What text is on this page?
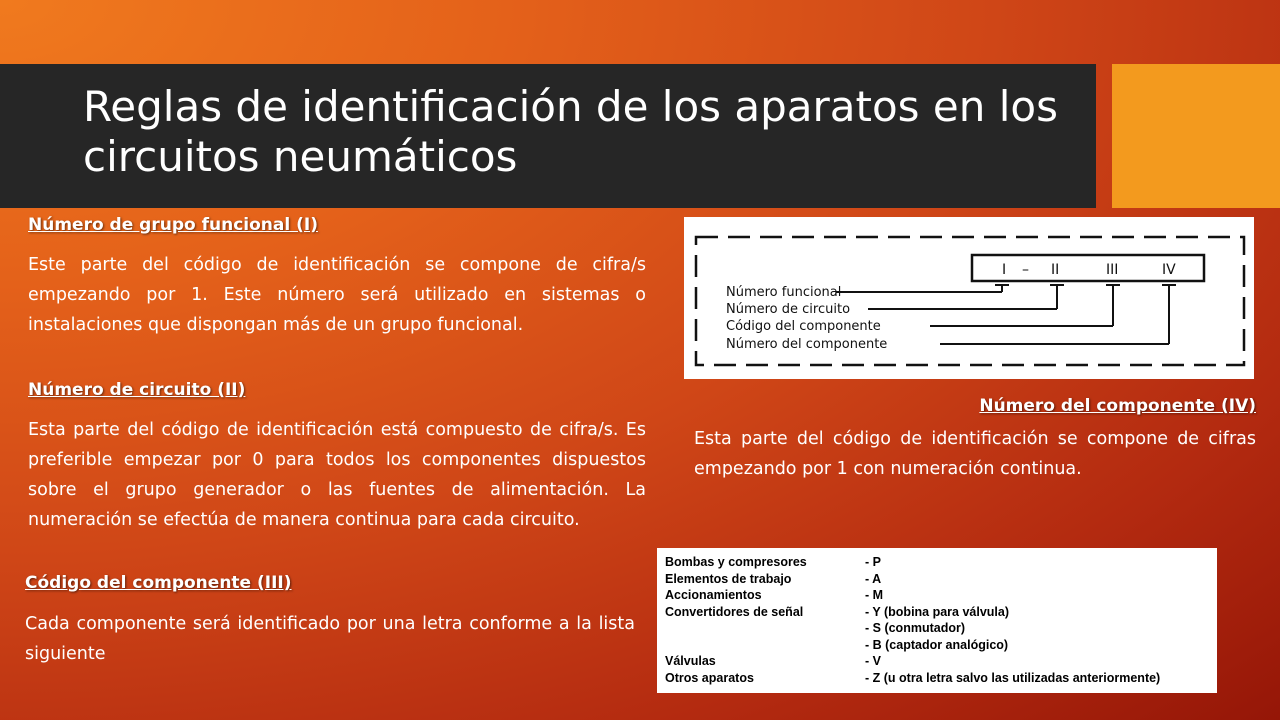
Reglas de identificación de los aparatos en los circuitos neumáticos
Número de grupo funcional (I)
Este parte del código de identificación se compone de cifra/s empezando por 1. Este número será utilizado en sistemas o instalaciones que dispongan más de un grupo funcional.
Número de circuito (II)
Esta parte del código de identificación está compuesto de cifra/s. Es preferible empezar por 0 para todos los componentes dispuestos sobre el grupo generador o las fuentes de alimentación. La numeración se efectúa de manera continua para cada circuito.
Código del componente (III)
Cada componente será identificado por una letra conforme a la lista siguiente
I – II	III	IV
Número funcional
Número de circuito
Código del componente
Número del componente
Número del componente (IV)
Esta parte del código de identificación se compone de cifras empezando por 1 con numeración continua.
Bombas y compresores	- P
Elementos de trabajo	- A
Accionamientos	- M
Convertidores de señal	- Y (bobina para válvula)
- S (conmutador)
- B (captador analógico)
Válvulas	- V
Otros aparatos	- Z (u otra letra salvo las utilizadas anteriormente)
